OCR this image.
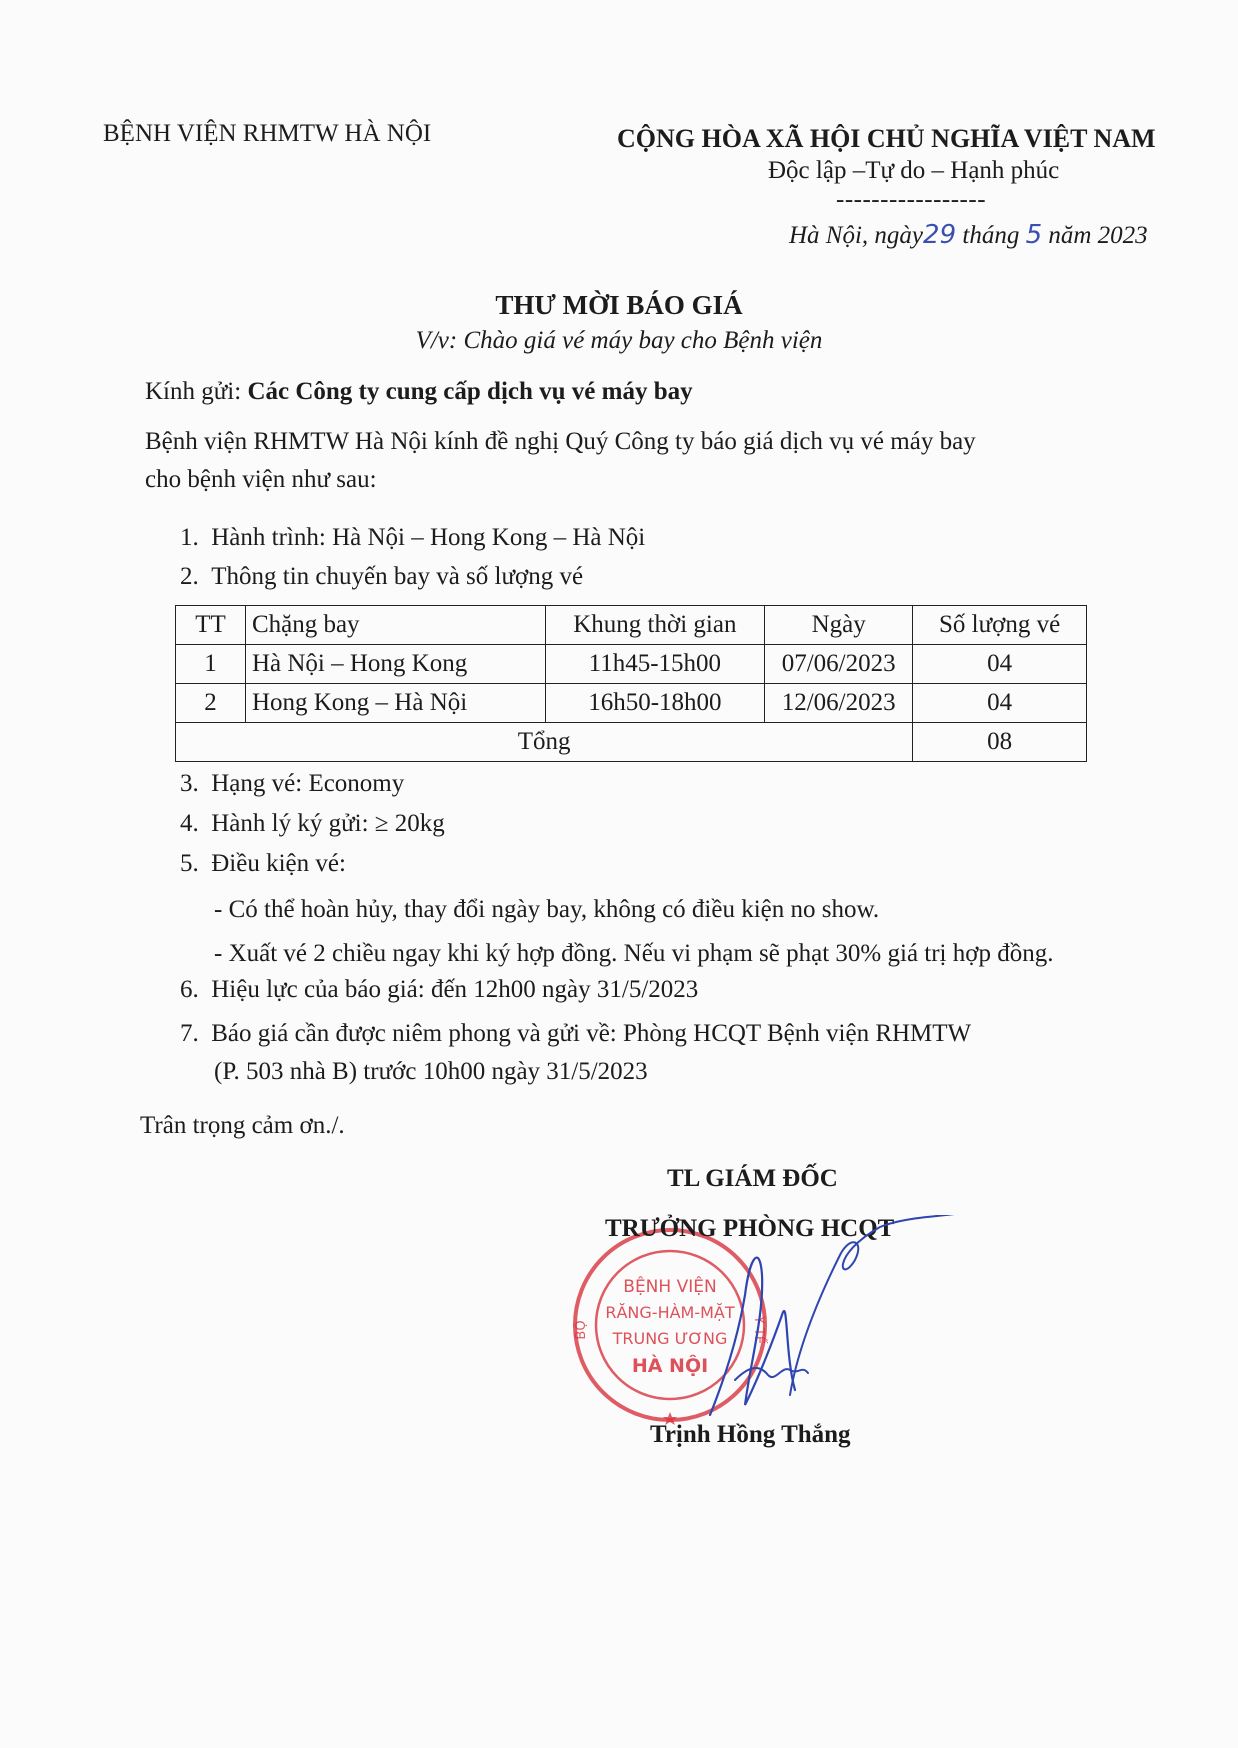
BỆNH VIỆN RHMTW HÀ NỘI	CỘNG HÒA XÃ HỘI CHỦ NGHĨA VIỆT NAM
Độc lập –Tự do – Hạnh phúc
-----------------
Hà Nội, ngày29 tháng 5 năm 2023
THƯ MỜI BÁO GIÁ
V/v: Chào giá vé máy bay cho Bệnh viện
Kính gửi: Các Công ty cung cấp dịch vụ vé máy bay
Bệnh viện RHMTW Hà Nội kính đề nghị Quý Công ty báo giá dịch vụ vé máy bay
cho bệnh viện như sau:
1. Hành trình: Hà Nội – Hong Kong – Hà Nội
2. Thông tin chuyến bay và số lượng vé
TT	Chặng bay	Khung thời gian	Ngày	Số lượng vé
1	Hà Nội – Hong Kong	11h45-15h00	07/06/2023	04
2	Hong Kong – Hà Nội	16h50-18h00	12/06/2023	04
Tổng				08
3. Hạng vé: Economy
4. Hành lý ký gửi: ≥ 20kg
5. Điều kiện vé:
- Có thể hoàn hủy, thay đổi ngày bay, không có điều kiện no show.
- Xuất vé 2 chiều ngay khi ký hợp đồng. Nếu vi phạm sẽ phạt 30% giá trị hợp đồng.
6. Hiệu lực của báo giá: đến 12h00 ngày 31/5/2023
7. Báo giá cần được niêm phong và gửi về: Phòng HCQT Bệnh viện RHMTW
(P. 503 nhà B) trước 10h00 ngày 31/5/2023
Trân trọng cảm ơn./.
TL GIÁM ĐỐC
BỆNH VIỆN
RĂNG-HÀM-MẶT
TRUNG ƯƠNG
HÀ NỘI
BỘ	Y TẾ
TRƯỞNG PHÒNG HCQT
Trịnh Hồng Thắng
